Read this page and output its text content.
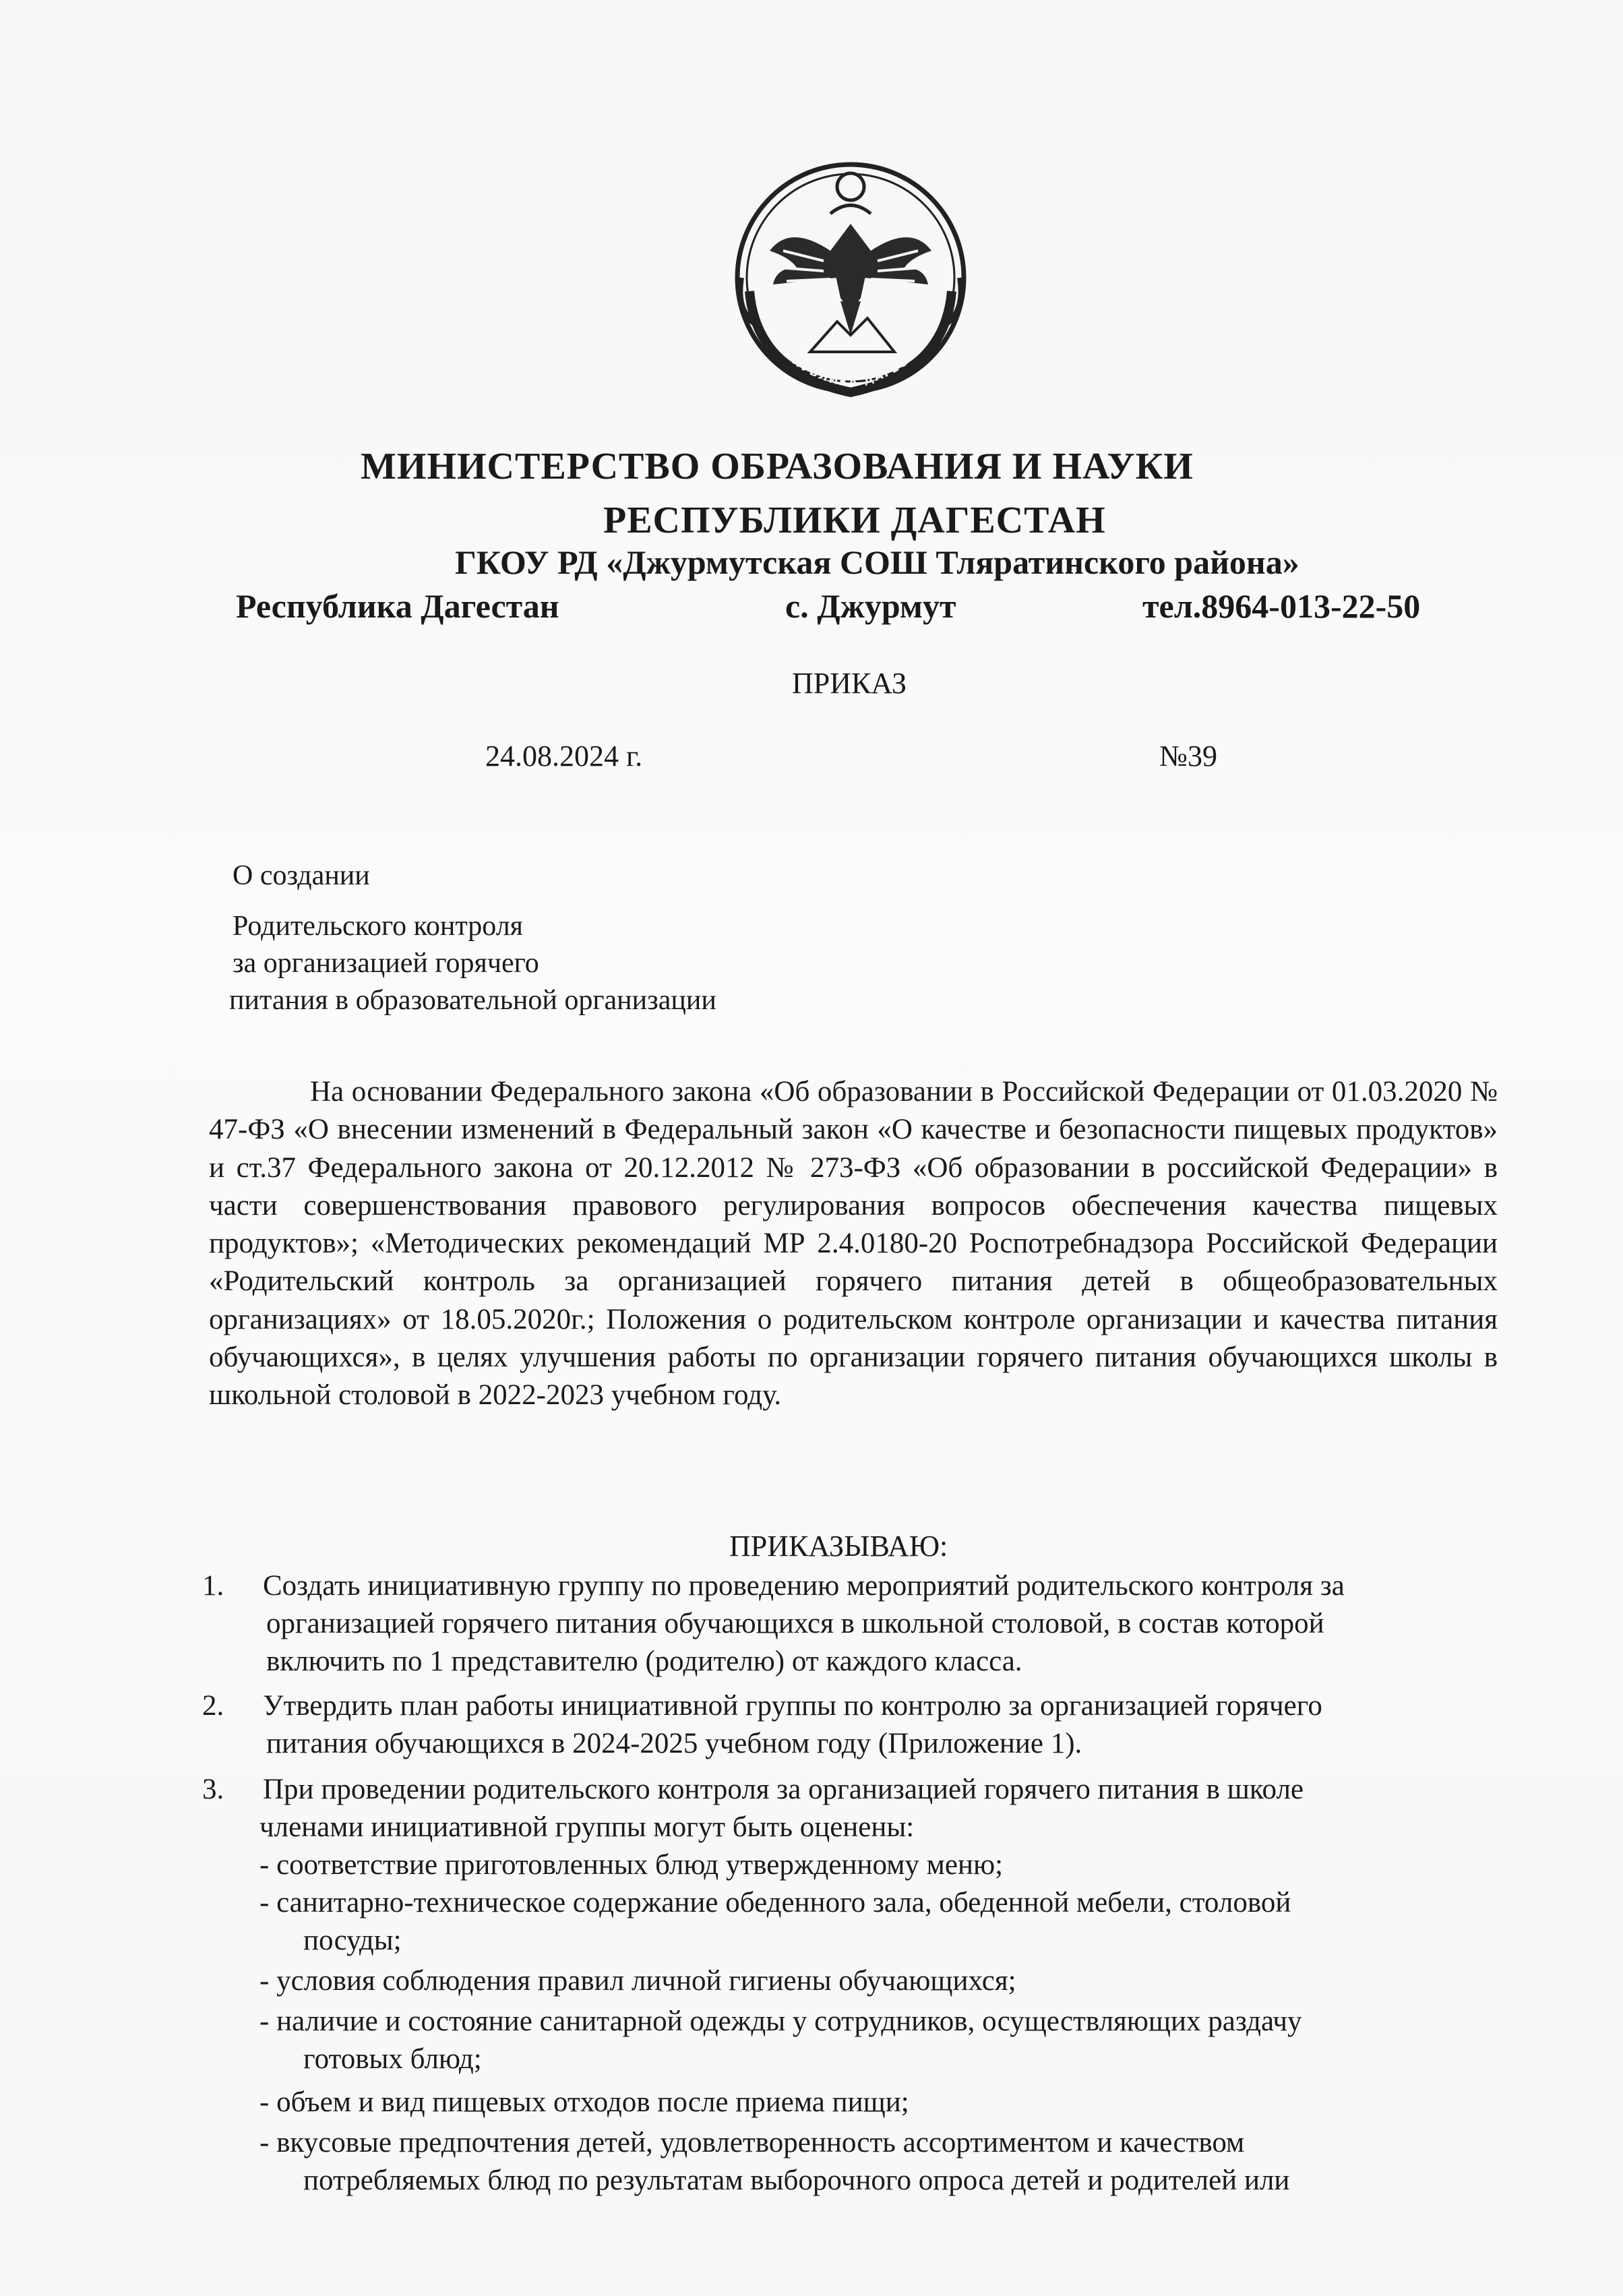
РЕСПУБЛИКА ДАГЕСТАН
МИНИСТЕРСТВО ОБРАЗОВАНИЯ И НАУКИ
РЕСПУБЛИКИ ДАГЕСТАН
ГКОУ РД «Джурмутская СОШ Тляратинского района»
Республика Дагестан	с. Джурмут	тел.8964-013-22-50
ПРИКАЗ
24.08.2024 г.	№39
О создании
Родительского контроля
за организацией горячего
питания в образовательной организации
На основании Федерального закона «Об образовании в Российской Федерации от 01.03.2020 № 47-ФЗ «О внесении изменений в Федеральный закон «О качестве и безопасности пищевых продуктов» и ст.37 Федерального закона от 20.12.2012 № 273-ФЗ «Об образовании в российской Федерации» в части совершенствования правового регулирования вопросов обеспечения качества пищевых продуктов»; «Методических рекомендаций МР 2.4.0180-20 Роспотребнадзора Российской Федерации «Родительский контроль за организацией горячего питания детей в общеобразовательных организациях» от 18.05.2020г.; Положения о родительском контроле организации и качества питания обучающихся», в целях улучшения работы по организации горячего питания обучающихся школы в школьной столовой в 2022-2023 учебном году.
ПРИКАЗЫВАЮ:
1. Создать инициативную группу по проведению мероприятий родительского контроля за
организацией горячего питания обучающихся в школьной столовой, в состав которой
включить по 1 представителю (родителю) от каждого класса.
2. Утвердить план работы инициативной группы по контролю за организацией горячего
питания обучающихся в 2024-2025 учебном году (Приложение 1).
3. При проведении родительского контроля за организацией горячего питания в школе
членами инициативной группы могут быть оценены:
- соответствие приготовленных блюд утвержденному меню;
- санитарно-техническое содержание обеденного зала, обеденной мебели, столовой
посуды;
- условия соблюдения правил личной гигиены обучающихся;
- наличие и состояние санитарной одежды у сотрудников, осуществляющих раздачу
готовых блюд;
- объем и вид пищевых отходов после приема пищи;
- вкусовые предпочтения детей, удовлетворенность ассортиментом и качеством
потребляемых блюд по результатам выборочного опроса детей и родителей или
